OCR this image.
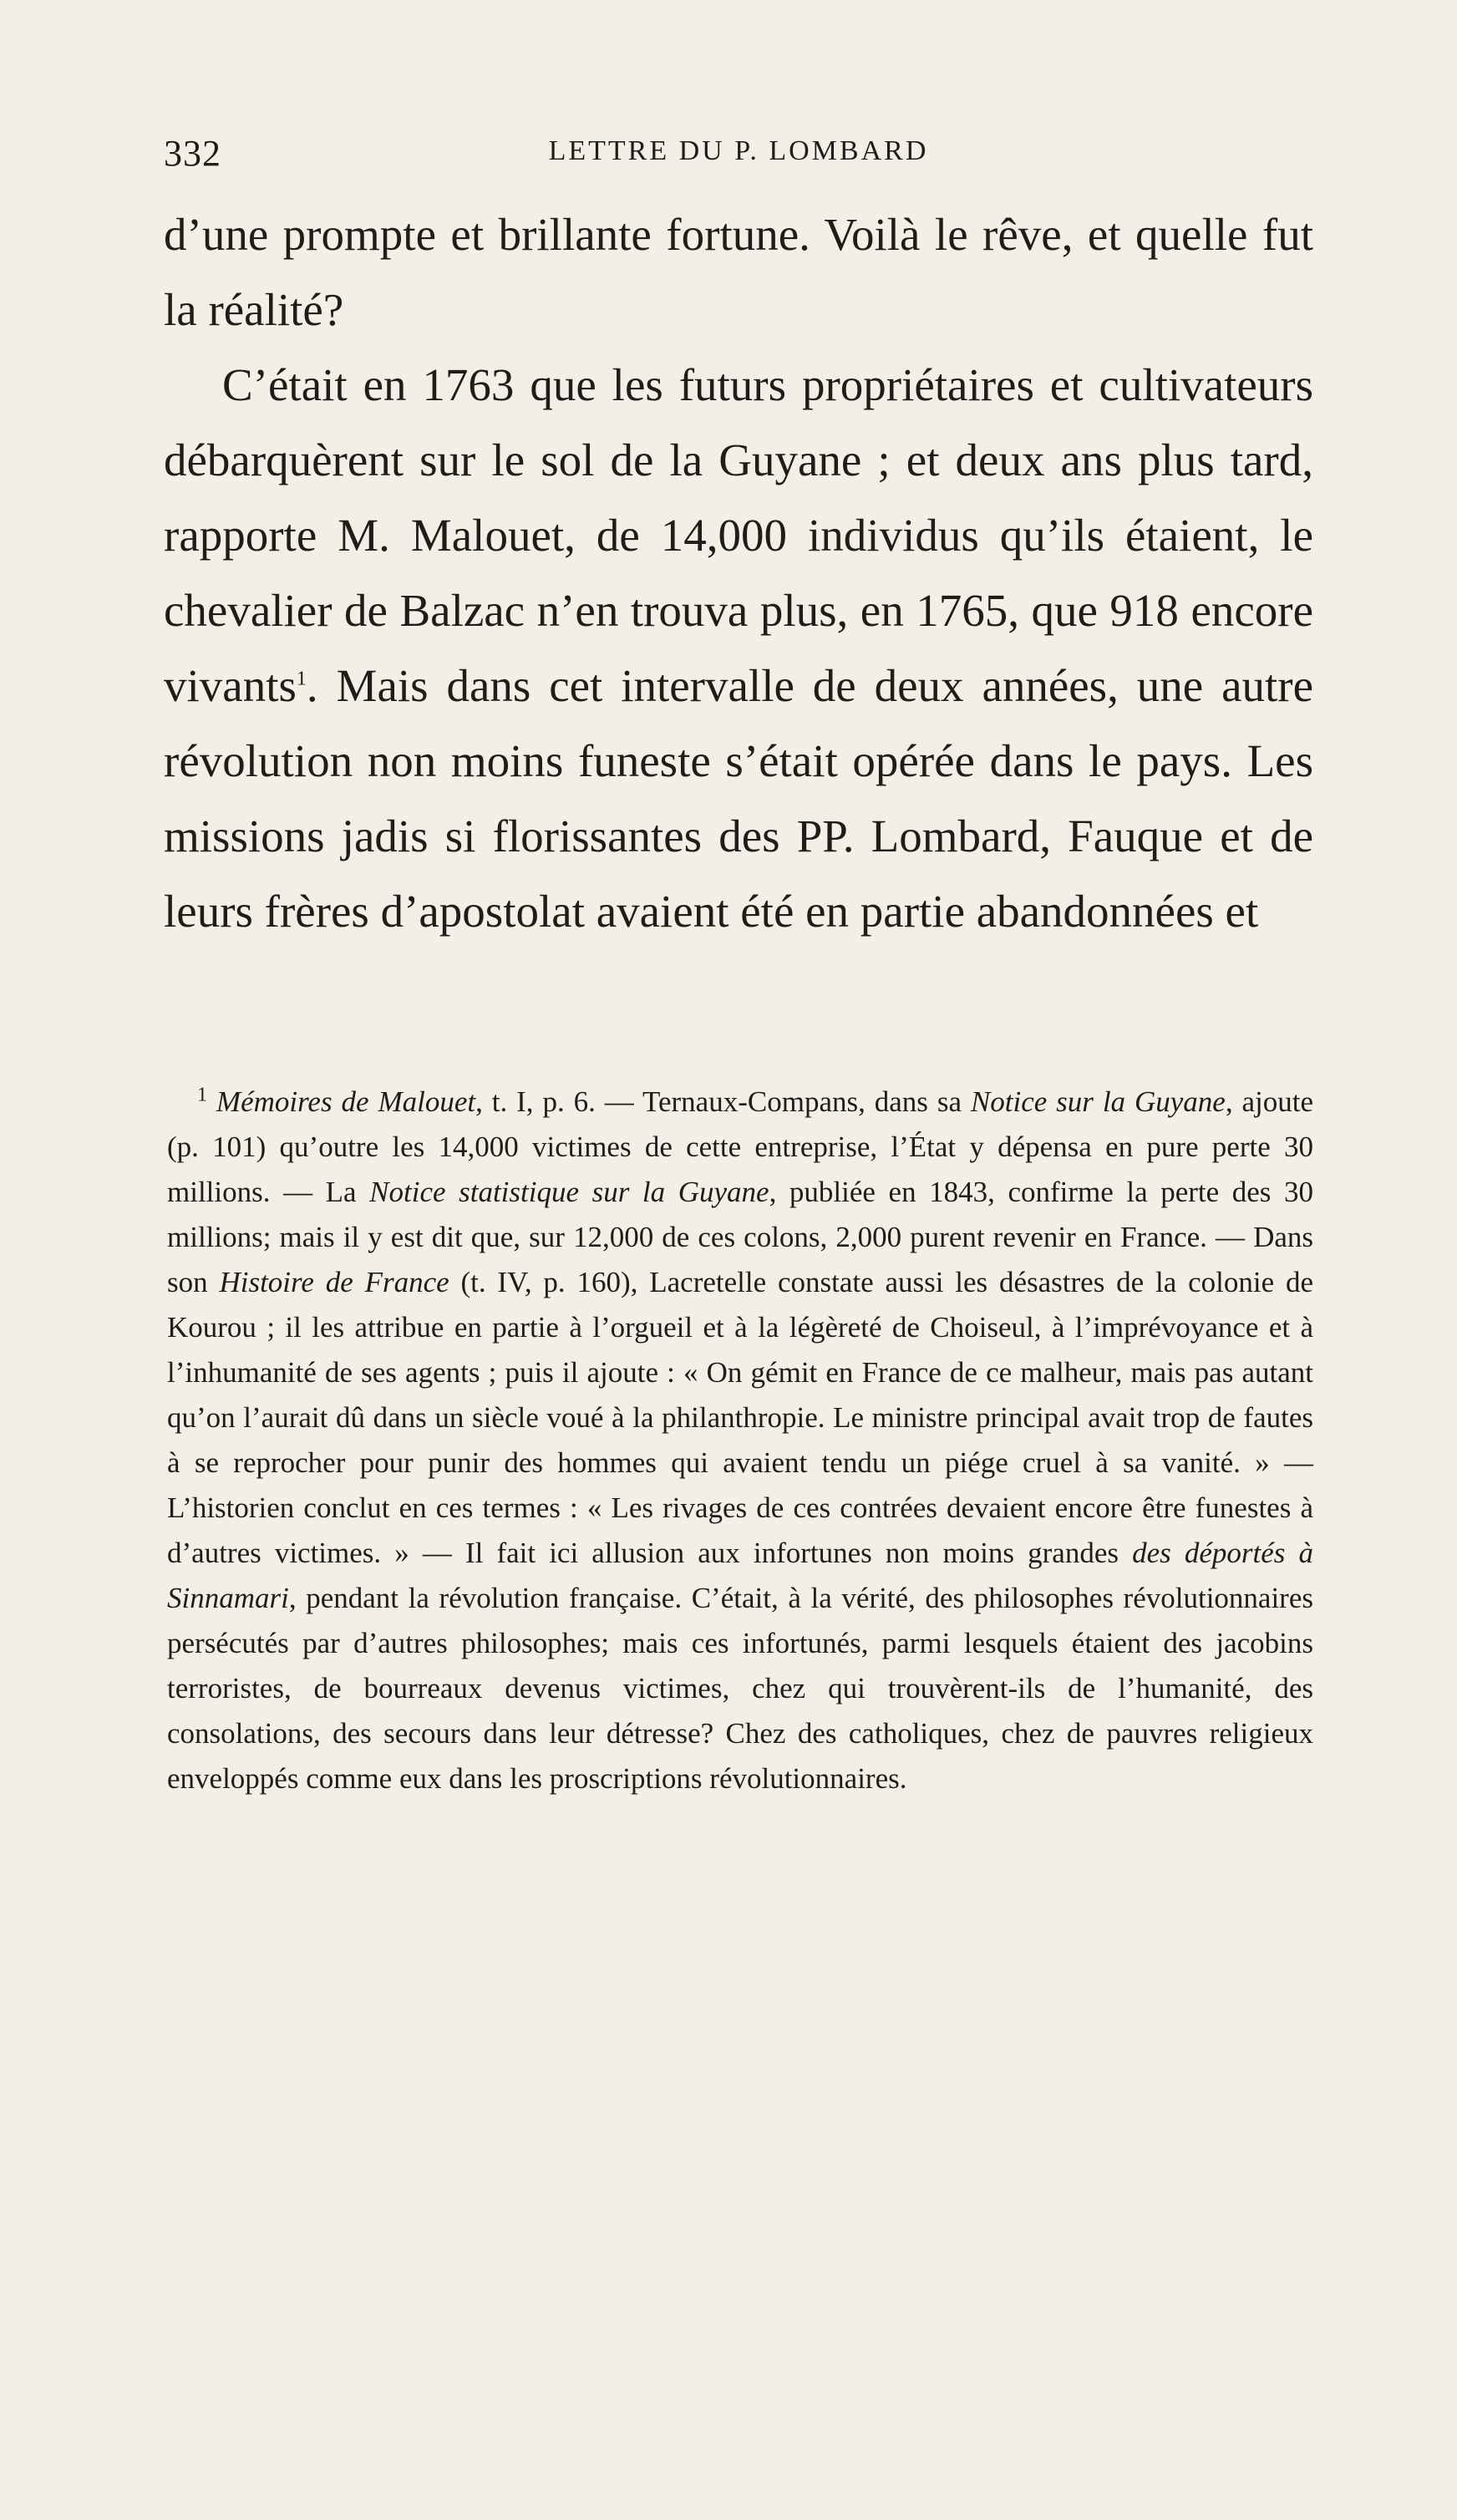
332	LETTRE DU P. LOMBARD

d’une prompte et brillante fortune. Voilà le rêve, et quelle fut la réalité?

C’était en 1763 que les futurs propriétaires et cultivateurs débarquèrent sur le sol de la Guyane ; et deux ans plus tard, rapporte M. Malouet, de 14,000 individus qu’ils étaient, le chevalier de Balzac n’en trouva plus, en 1765, que 918 encore vivants$^1$. Mais dans cet intervalle de deux années, une autre révolution non moins funeste s’était opérée dans le pays. Les missions jadis si florissantes des PP. Lombard, Fauque et de leurs frères d’apostolat avaient été en partie abandonnées et

$^1$ Mémoires de Malouet, t. I, p. 6. — Ternaux-Compans, dans sa Notice sur la Guyane, ajoute (p. 101) qu’outre les 14,000 victimes de cette entreprise, l’État y dépensa en pure perte 30 millions. — La Notice statistique sur la Guyane, publiée en 1843, confirme la perte des 30 millions; mais il y est dit que, sur 12,000 de ces colons, 2,000 purent revenir en France. — Dans son Histoire de France (t. IV, p. 160), Lacretelle constate aussi les désastres de la colonie de Kourou ; il les attribue en partie à l’orgueil et à la légèreté de Choiseul, à l’imprévoyance et à l’inhumanité de ses agents ; puis il ajoute : « On gémit en France de ce malheur, mais pas autant qu’on l’aurait dû dans un siècle voué à la philanthropie. Le ministre principal avait trop de fautes à se reprocher pour punir des hommes qui avaient tendu un piége cruel à sa vanité. » — L’historien conclut en ces termes : « Les rivages de ces contrées devaient encore être funestes à d’autres victimes. » — Il fait ici allusion aux infortunes non moins grandes des déportés à Sinnamari, pendant la révolution française. C’était, à la vérité, des philosophes révolutionnaires persécutés par d’autres philosophes; mais ces infortunés, parmi lesquels étaient des jacobins terroristes, de bourreaux devenus victimes, chez qui trouvèrent-ils de l’humanité, des consolations, des secours dans leur détresse? Chez des catholiques, chez de pauvres religieux enveloppés comme eux dans les proscriptions révolutionnaires.
